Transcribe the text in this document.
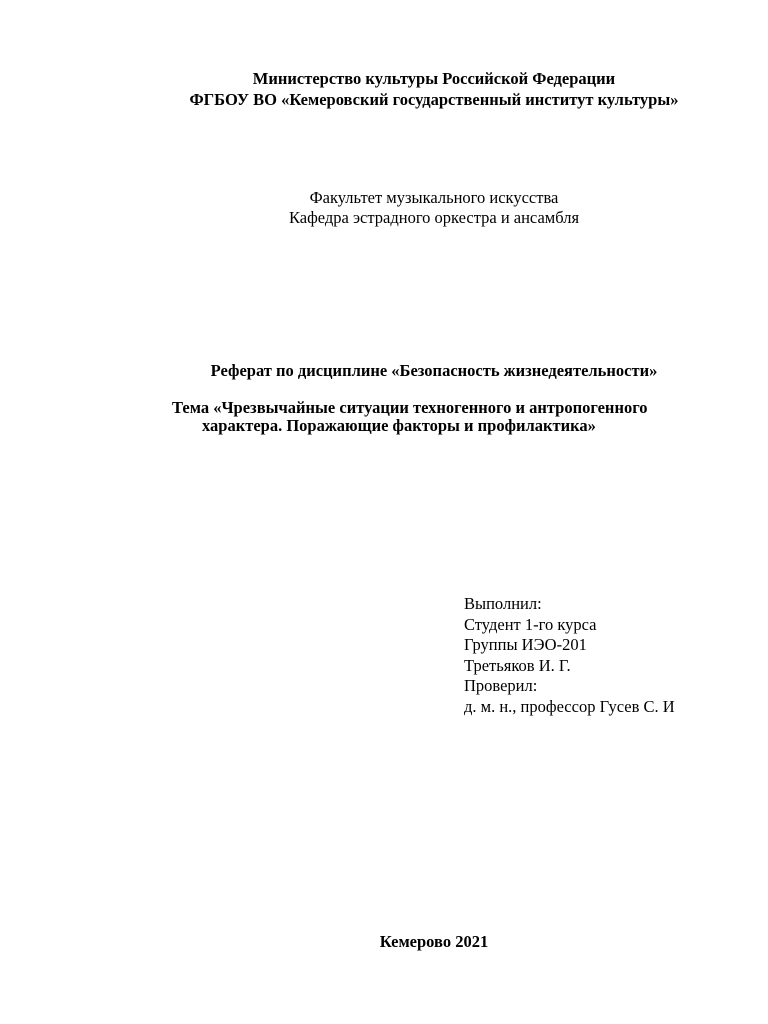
Министерство культуры Российской Федерации
ФГБОУ ВО «Кемеровский государственный институт культуры»
Факультет музыкального искусства
Кафедра эстрадного оркестра и ансамбля
Реферат по дисциплине «Безопасность жизнедеятельности»
Тема «Чрезвычайные ситуации техногенного и антропогенного
характера. Поражающие факторы и профилактика»
Выполнил:
Студент 1-го курса
Группы ИЭО-201
Третьяков И. Г.
Проверил:
д. м. н., профессор Гусев С. И
Кемерово 2021
